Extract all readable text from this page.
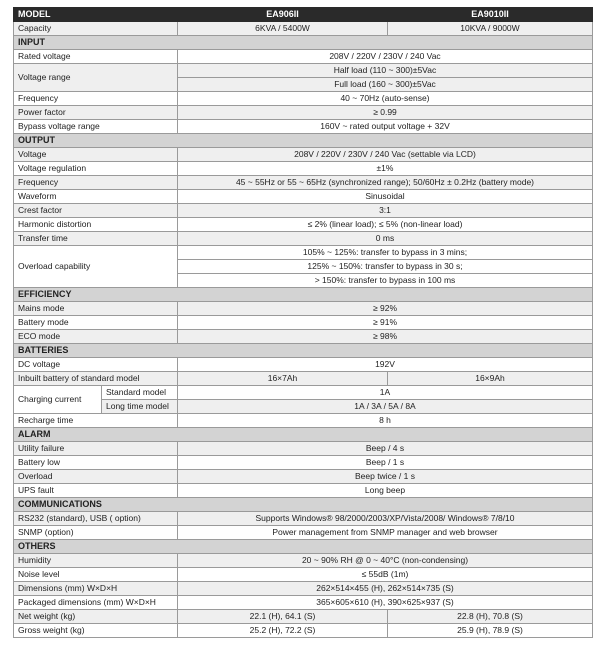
MODEL		EA906II	EA9010II
Capacity		6KVA / 5400W	10KVA / 9000W
INPUT			
Rated voltage		208V / 220V / 230V / 240 Vac	
Voltage range		Half load (110 ~ 300)±5Vac	
		Full load (160 ~ 300)±5Vac	
Frequency		40 ~ 70Hz (auto-sense)	
Power factor		≥ 0.99	
Bypass voltage range		160V ~ rated output voltage + 32V	
OUTPUT			
Voltage		208V / 220V / 230V / 240 Vac (settable via LCD)	
Voltage regulation		±1%	
Frequency		45 ~ 55Hz or 55 ~ 65Hz (synchronized range); 50/60Hz ± 0.2Hz (battery mode)	
Waveform		Sinusoidal	
Crest factor		3:1	
Harmonic distortion		≤ 2% (linear load); ≤ 5% (non-linear load)	
Transfer time		0 ms	
Overload capability		105% ~ 125%: transfer to bypass in 3 mins;	
		125% ~ 150%: transfer to bypass in 30 s;	
		> 150%: transfer to bypass in 100 ms	
EFFICIENCY			
Mains mode		≥ 92%	
Battery mode		≥ 91%	
ECO mode		≥ 98%	
BATTERIES			
DC voltage		192V	
Inbuilt battery of standard model		16×7Ah	16×9Ah
Charging current	Standard model	1A	
	Long time model	1A / 3A / 5A / 8A	
Recharge time		8 h	
ALARM			
Utility failure		Beep / 4 s	
Battery low		Beep / 1 s	
Overload		Beep twice / 1 s	
UPS fault		Long beep	
COMMUNICATIONS			
RS232 (standard), USB ( option)		Supports Windows® 98/2000/2003/XP/Vista/2008/ Windows® 7/8/10	
SNMP (option)		Power management from SNMP manager and web browser	
OTHERS			
Humidity		20 ~ 90% RH @ 0 ~ 40°C (non-condensing)	
Noise level		≤ 55dB (1m)	
Dimensions (mm) W×D×H		262×514×455 (H), 262×514×735 (S)	
Packaged dimensions (mm) W×D×H		365×605×610 (H), 390×625×937 (S)	
Net weight (kg)		22.1 (H), 64.1 (S)	22.8 (H), 70.8 (S)
Gross weight (kg)		25.2 (H), 72.2 (S)	25.9 (H), 78.9 (S)
